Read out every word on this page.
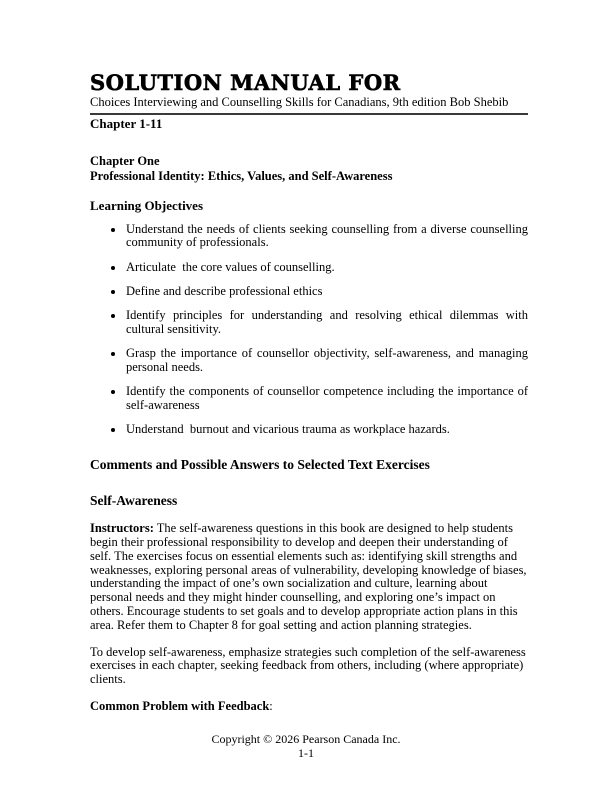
SOLUTION MANUAL FOR

Choices Interviewing and Counselling Skills for Canadians, 9th edition Bob Shebib

Chapter 1-11

Chapter One
Professional Identity: Ethics, Values, and Self-Awareness
Learning Objectives
• Understand the needs of clients seeking counselling from a diverse counselling community of professionals.
• Articulate  the core values of counselling.
• Define and describe professional ethics
• Identify principles for understanding and resolving ethical dilemmas with cultural sensitivity.
• Grasp the importance of counsellor objectivity, self-awareness, and managing personal needs.
• Identify the components of counsellor competence including the importance of self-awareness
• Understand  burnout and vicarious trauma as workplace hazards.
Comments and Possible Answers to Selected Text Exercises
Self-Awareness

Instructors: The self-awareness questions in this book are designed to help students begin their professional responsibility to develop and deepen their understanding of self. The exercises focus on essential elements such as: identifying skill strengths and weaknesses, exploring personal areas of vulnerability, developing knowledge of biases, understanding the impact of one’s own socialization and culture, learning about personal needs and they might hinder counselling, and exploring one’s impact on others. Encourage students to set goals and to develop appropriate action plans in this area. Refer them to Chapter 8 for goal setting and action planning strategies.

To develop self-awareness, emphasize strategies such completion of the self-awareness exercises in each chapter, seeking feedback from others, including (where appropriate) clients.

Common Problem with Feedback:

Copyright © 2026 Pearson Canada Inc.
1-1
